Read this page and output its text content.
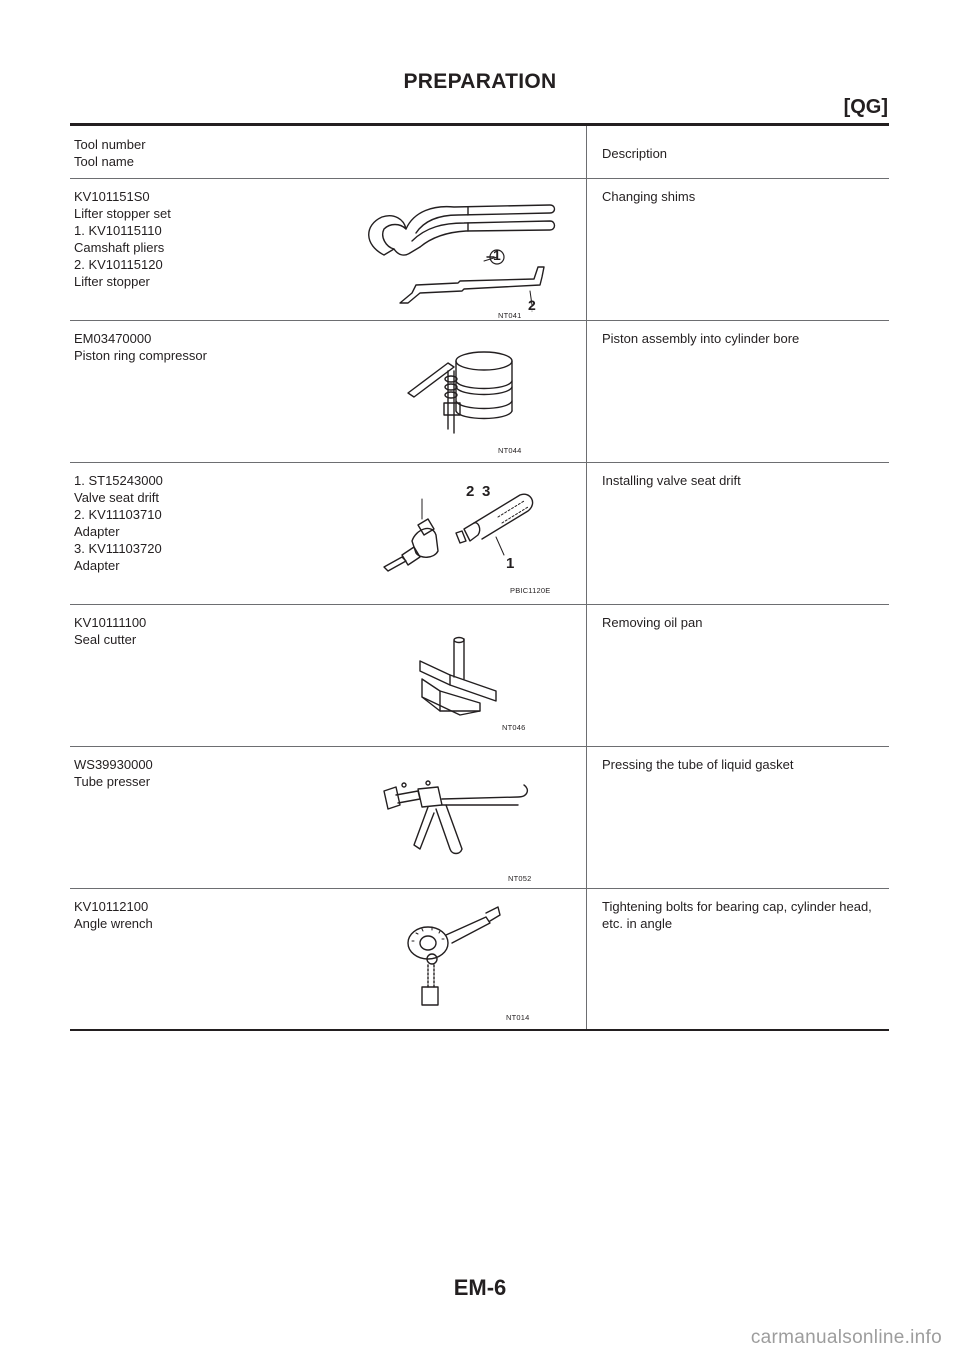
PREPARATION
[QG]
Tool number
Tool name
Description
KV101151S0
Lifter stopper set
1. KV10115110
Camshaft pliers
2. KV10115120
Lifter stopper
NT041
1
2
Changing shims
EM03470000
Piston ring compressor
NT044
Piston assembly into cylinder bore
1. ST15243000
Valve seat drift
2. KV11103710
Adapter
3. KV11103720
Adapter
2 3
1
PBIC1120E
Installing valve seat drift
KV10111100
Seal cutter
NT046
Removing oil pan
WS39930000
Tube presser
NT052
Pressing the tube of liquid gasket
KV10112100
Angle wrench
NT014
Tightening bolts for bearing cap, cylinder head, etc. in angle
EM-6
carmanualsonline.info
